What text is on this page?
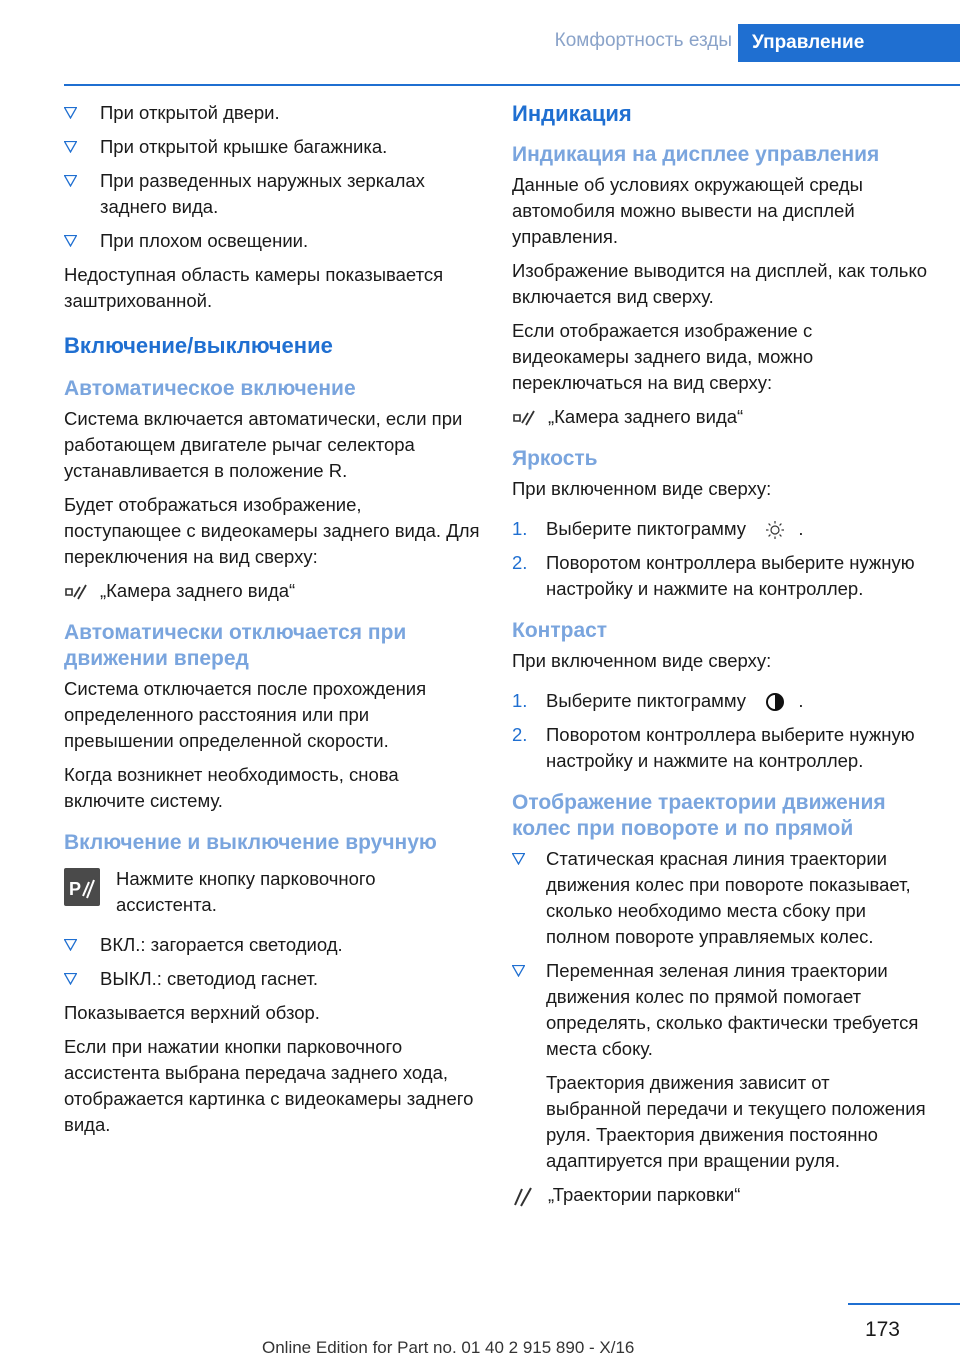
Комфортность езды	Управление
При открытой двери.
При открытой крышке багажника.
При разведенных наружных зеркалах заднего вида.
При плохом освещении.

Недоступная область камеры показывается заштрихованной.

Включение/выключение
Автоматическое включение

Система включается автоматически, если при работающем двигателе рычаг селектора устанавливается в положение R.

Будет отображаться изображение, поступающее с видеокамеры заднего вида. Для переключения на вид сверху:

„Камера заднего вида“
Автоматически отключается при движении вперед

Система отключается после прохождения определенного расстояния или при превышении определенной скорости.

Когда возникнет необходимость, снова включите систему.

Включение и выключение вручную
P Нажмите кнопку парковочного ассистента.
ВКЛ.: загорается светодиод.
ВЫКЛ.: светодиод гаснет.

Показывается верхний обзор.

Если при нажатии кнопки парковочного ассистента выбрана передача заднего хода, отображается картинка с видеокамеры заднего вида.

Индикация
Индикация на дисплее управления

Данные об условиях окружающей среды автомобиля можно вывести на дисплей управления.

Изображение выводится на дисплей, как только включается вид сверху.

Если отображается изображение с видеокамеры заднего вида, можно переключаться на вид сверху:

„Камера заднего вида“
Яркость

При включенном виде сверху:

1. Выберите пиктограмму	.
2. Поворотом контроллера выберите нужную настройку и нажмите на контроллер.
Контраст

При включенном виде сверху:

1. Выберите пиктограмму	.
2. Поворотом контроллера выберите нужную настройку и нажмите на контроллер.
Отображение траектории движения колес при повороте и по прямой
Статическая красная линия траектории движения колес при повороте показывает, сколько необходимо места сбоку при полном повороте управляемых колес.
Переменная зеленая линия траектории движения колес по прямой помогает определять, сколько фактически требуется места сбоку.

Траектория движения зависит от выбранной передачи и текущего положения руля. Траектория движения постоянно адаптируется при вращении руля.

„Траектории парковки“
173
Online Edition for Part no. 01 40 2 915 890 - X/16
